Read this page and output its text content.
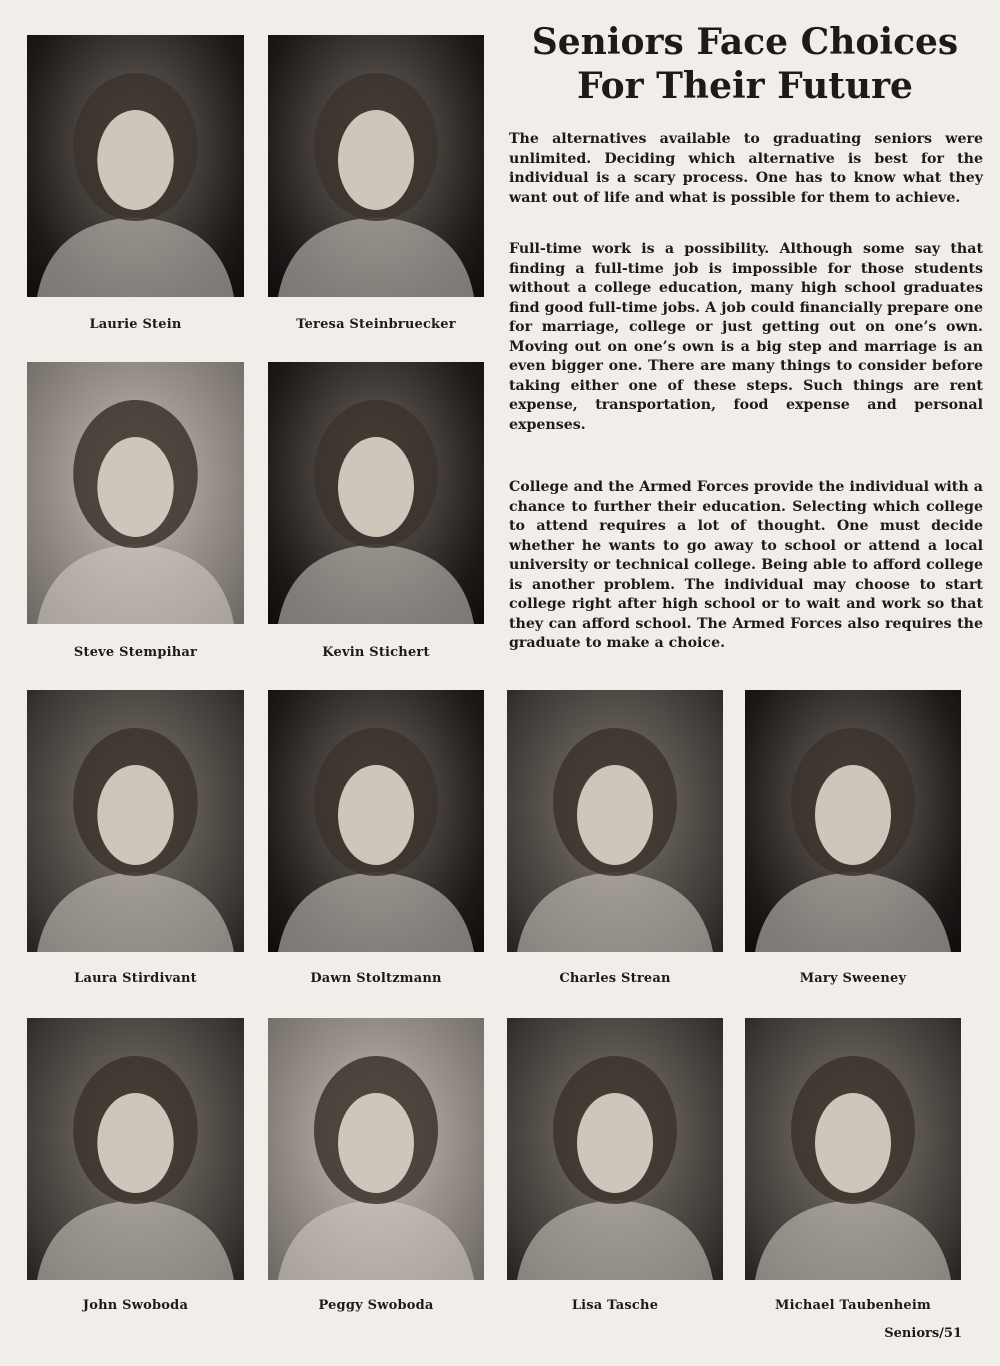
Laurie Stein	Teresa Steinbruecker
Steve Stempihar	Kevin Stichert
Seniors Face Choices For Their Future

The alternatives available to graduating seniors were unlimited. Deciding which alternative is best for the individual is a scary process. One has to know what they want out of life and what is possible for them to achieve.

Full-time work is a possibility. Although some say that finding a full-time job is impossible for those students without a college education, many high school graduates find good full-time jobs. A job could financially prepare one for marriage, college or just getting out on one’s own. Moving out on one’s own is a big step and marriage is an even bigger one. There are many things to consider before taking either one of these steps. Such things are rent expense, transportation, food expense and personal expenses.

College and the Armed Forces provide the individual with a chance to further their education. Selecting which college to attend requires a lot of thought. One must decide whether he wants to go away to school or attend a local university or technical college. Being able to afford college is another problem. The individual may choose to start college right after high school or to wait and work so that they can afford school. The Armed Forces also requires the graduate to make a choice.

Laura Stirdivant	Dawn Stoltzmann	Charles Strean	Mary Sweeney
John Swoboda	Peggy Swoboda	Lisa Tasche	Michael Taubenheim
Seniors/51
